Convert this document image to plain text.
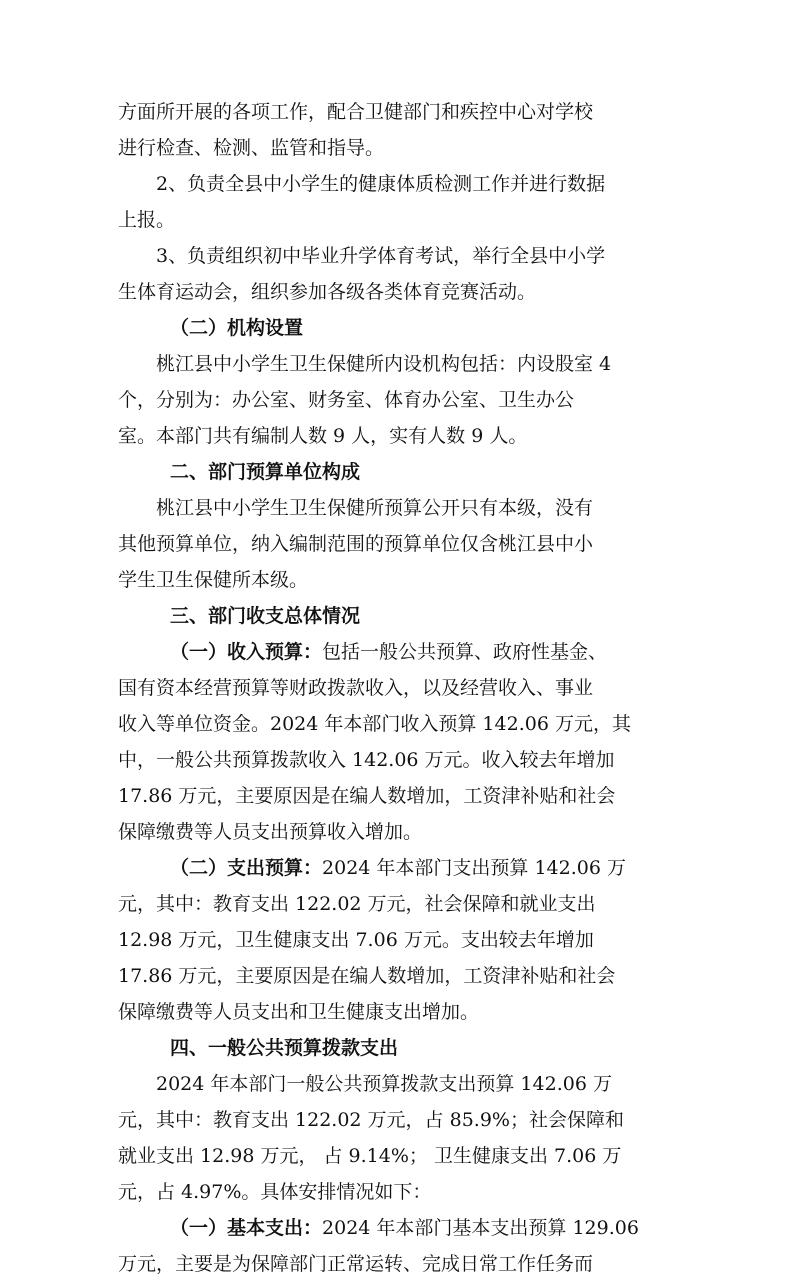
方面所开展的各项工作，配合卫健部门和疾控中心对学校
进行检查、检测、监管和指导。
2、负责全县中小学生的健康体质检测工作并进行数据
上报。
3、负责组织初中毕业升学体育考试，举行全县中小学
生体育运动会，组织参加各级各类体育竞赛活动。
（二）机构设置
桃江县中小学生卫生保健所内设机构包括：内设股室 4
个，分别为：办公室、财务室、体育办公室、卫生办公
室。本部门共有编制人数 9 人，实有人数 9 人。
二、部门预算单位构成
桃江县中小学生卫生保健所预算公开只有本级，没有
其他预算单位，纳入编制范围的预算单位仅含桃江县中小
学生卫生保健所本级。
三、部门收支总体情况
（一）收入预算：包括一般公共预算、政府性基金、
国有资本经营预算等财政拨款收入，以及经营收入、事业
收入等单位资金。2024 年本部门收入预算 142.06 万元，其
中，一般公共预算拨款收入 142.06 万元。收入较去年增加
17.86 万元，主要原因是在编人数增加，工资津补贴和社会
保障缴费等人员支出预算收入增加。
（二）支出预算：2024 年本部门支出预算 142.06 万
元，其中：教育支出 122.02 万元，社会保障和就业支出
12.98 万元，卫生健康支出 7.06 万元。支出较去年增加
17.86 万元，主要原因是在编人数增加，工资津补贴和社会
保障缴费等人员支出和卫生健康支出增加。
四、一般公共预算拨款支出
2024 年本部门一般公共预算拨款支出预算 142.06 万
元，其中：教育支出 122.02 万元，占 85.9%；社会保障和
就业支出 12.98 万元， 占 9.14%； 卫生健康支出 7.06 万
元，占 4.97%。具体安排情况如下：
（一）基本支出：2024 年本部门基本支出预算 129.06
万元，主要是为保障部门正常运转、完成日常工作任务而
